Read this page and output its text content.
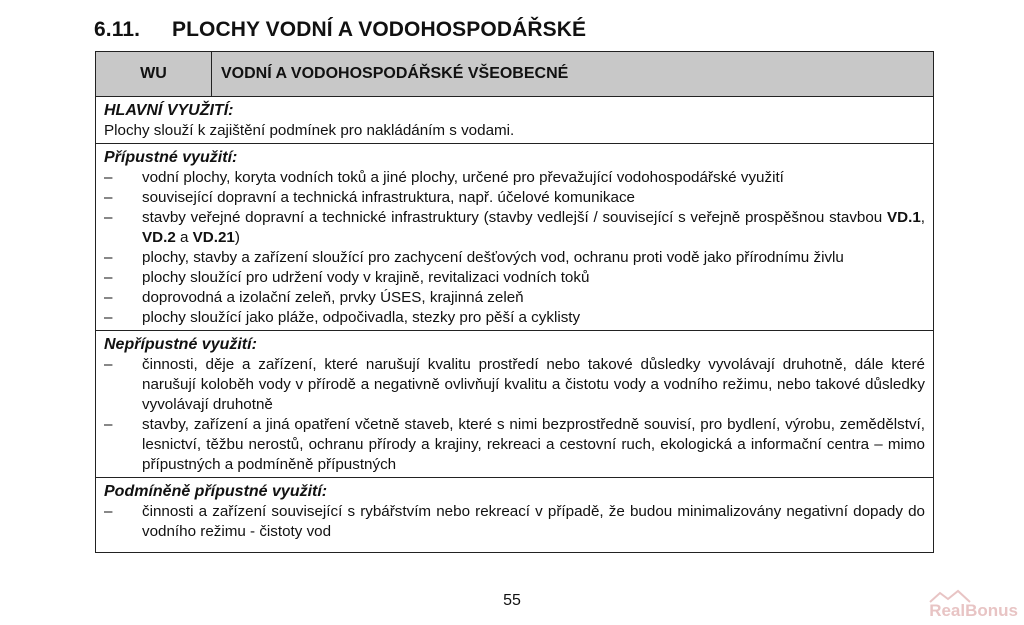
6.11. PLOCHY VODNÍ A VODOHOSPODÁŘSKÉ
WU	VODNÍ A VODOHOSPODÁŘSKÉ VŠEOBECNÉ
HLAVNÍ VYUŽITÍ:
Plochy slouží k zajištění podmínek pro nakládáním s vodami.
Přípustné využití:
–	vodní plochy, koryta vodních toků a jiné plochy, určené pro převažující vodohospodářské využití
–	související dopravní a technická infrastruktura, např. účelové komunikace
–	stavby veřejné dopravní a technické infrastruktury (stavby vedlejší / související s veřejně prospěšnou stavbou VD.1, VD.2 a VD.21)
–	plochy, stavby a zařízení sloužící pro zachycení dešťových vod, ochranu proti vodě jako přírodnímu živlu
–	plochy sloužící pro udržení vody v krajině, revitalizaci vodních toků
–	doprovodná a izolační zeleň, prvky ÚSES, krajinná zeleň
–	plochy sloužící jako pláže, odpočivadla, stezky pro pěší a cyklisty
Nepřípustné využití:
–	činnosti, děje a zařízení, které narušují kvalitu prostředí nebo takové důsledky vyvolávají druhotně, dále které narušují koloběh vody v přírodě a negativně ovlivňují kvalitu a čistotu vody a vodního režimu, nebo takové důsledky vyvolávají druhotně
–	stavby, zařízení a jiná opatření včetně staveb, které s nimi bezprostředně souvisí, pro bydlení, výrobu, zemědělství, lesnictví, těžbu nerostů, ochranu přírody a krajiny, rekreaci a cestovní ruch, ekologická a informační centra – mimo přípustných a podmíněně přípustných
Podmíněně přípustné využití:
–	činnosti a zařízení související s rybářstvím nebo rekreací v případě, že budou minimalizovány negativní dopady do vodního režimu - čistoty vod
55
RealBonus
